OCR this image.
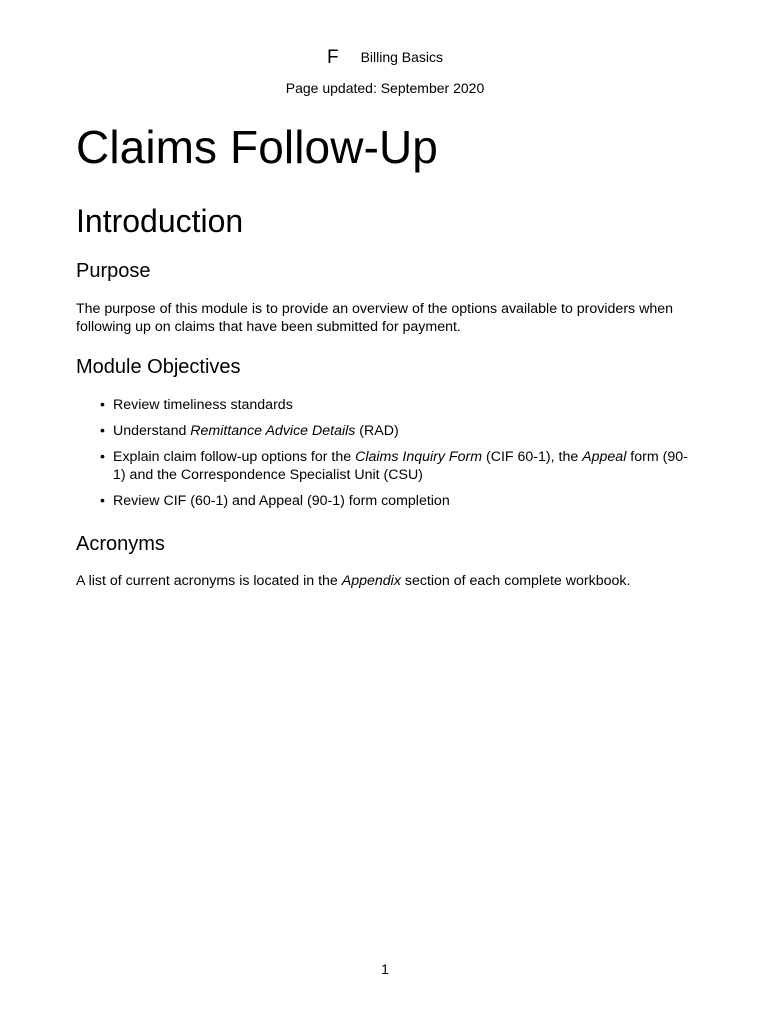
F Billing Basics
Page updated: September 2020
Claims Follow-Up
Introduction
Purpose

The purpose of this module is to provide an overview of the options available to providers when following up on claims that have been submitted for payment.

Module Objectives
• Review timeliness standards
• Understand Remittance Advice Details (RAD)
• Explain claim follow-up options for the Claims Inquiry Form (CIF 60-1), the Appeal form (90-1) and the Correspondence Specialist Unit (CSU)
• Review CIF (60-1) and Appeal (90-1) form completion
Acronyms

A list of current acronyms is located in the Appendix section of each complete workbook.

1
